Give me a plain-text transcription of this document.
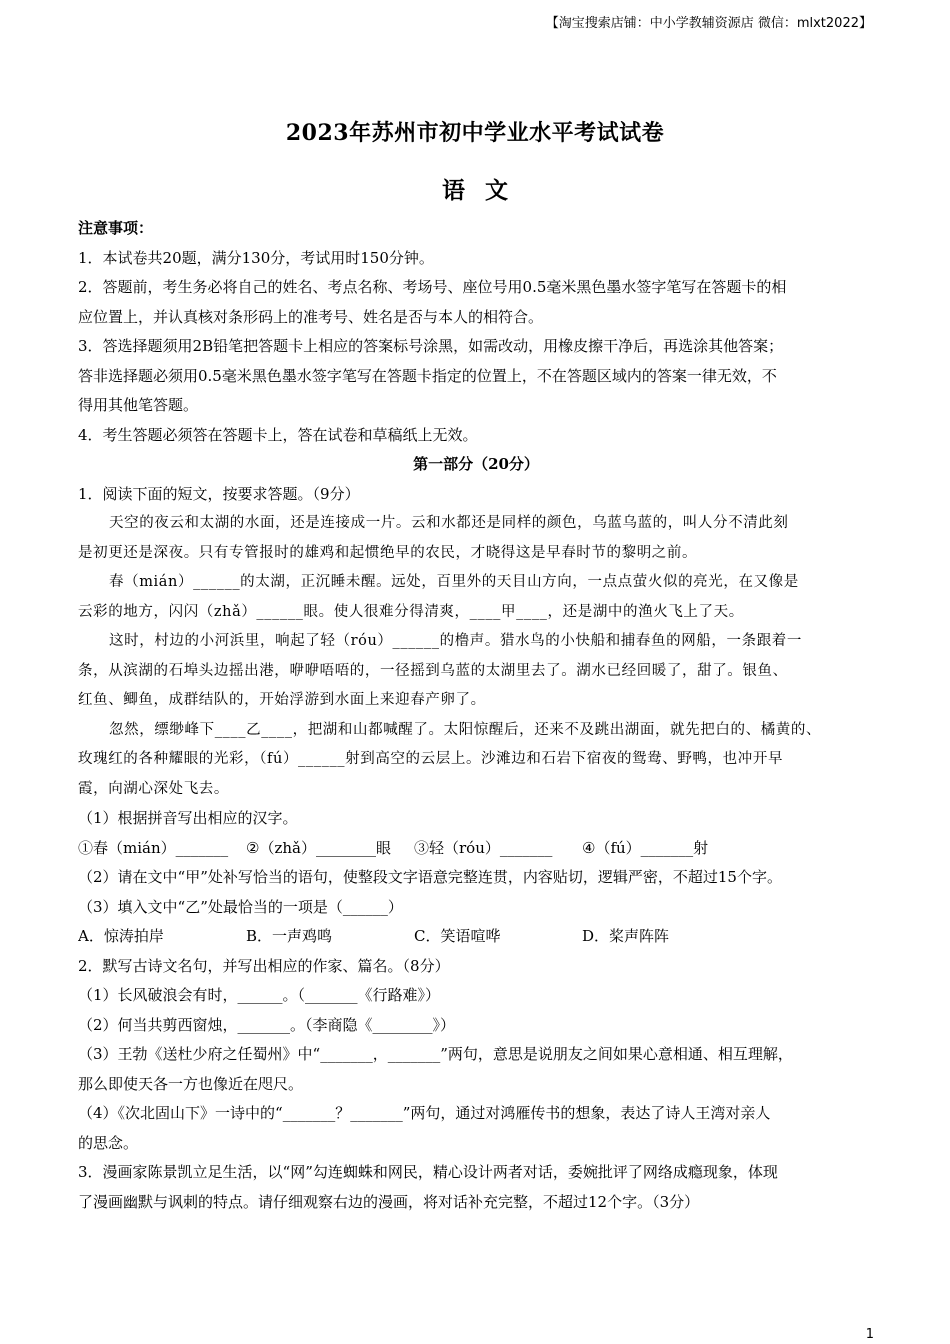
【淘宝搜索店铺：中小学教辅资源店 微信：mlxt2022】
2023年苏州市初中学业水平考试试卷
语文
注意事项：
1．本试卷共20题，满分130分，考试用时150分钟。
2．答题前，考生务必将自己的姓名、考点名称、考场号、座位号用0.5毫米黑色墨水签字笔写在答题卡的相
应位置上，并认真核对条形码上的准考号、姓名是否与本人的相符合。
3．答选择题须用2B铅笔把答题卡上相应的答案标号涂黑，如需改动，用橡皮擦干净后，再选涂其他答案；
答非选择题必须用0.5毫米黑色墨水签字笔写在答题卡指定的位置上，不在答题区域内的答案一律无效，不
得用其他笔答题。
4．考生答题必须答在答题卡上，答在试卷和草稿纸上无效。
第一部分（20分）
1．阅读下面的短文，按要求答题。（9分）
天空的夜云和太湖的水面，还是连接成一片。云和水都还是同样的颜色，乌蓝乌蓝的，叫人分不清此刻
是初更还是深夜。只有专管报时的雄鸡和起惯绝早的农民，才晓得这是早春时节的黎明之前。
春（mián）______的太湖，正沉睡未醒。远处，百里外的天目山方向，一点点萤火似的亮光，在又像是
云彩的地方，闪闪（zhǎ）______眼。使人很难分得清爽，____甲____，还是湖中的渔火飞上了天。
这时，村边的小河浜里，响起了轻（róu）______的橹声。猎水鸟的小快船和捕春鱼的网船，一条跟着一
条，从滨湖的石埠头边摇出港，咿咿唔唔的，一径摇到乌蓝的太湖里去了。湖水已经回暖了，甜了。银鱼、
红鱼、鲫鱼，成群结队的，开始浮游到水面上来迎春产卵了。
忽然，缥缈峰下____乙____，把湖和山都喊醒了。太阳惊醒后，还来不及跳出湖面，就先把白的、橘黄的、
玫瑰红的各种耀眼的光彩，（fú）______射到高空的云层上。沙滩边和石岩下宿夜的鸳鸯、野鸭，也冲开早
霞，向湖心深处飞去。
（1）根据拼音写出相应的汉字。
①春（mián）_______	②（zhǎ）________眼	③轻（róu）_______	④（fú）_______射
（2）请在文中“甲”处补写恰当的语句，使整段文字语意完整连贯，内容贴切，逻辑严密，不超过15个字。
（3）填入文中“乙”处最恰当的一项是（______）
A．惊涛拍岸	B．一声鸡鸣	C．笑语喧哗	D．桨声阵阵
2．默写古诗文名句，并写出相应的作家、篇名。（8分）
（1）长风破浪会有时，______。（_______《行路难》）
（2）何当共剪西窗烛，_______。（李商隐《________》）
（3）王勃《送杜少府之任蜀州》中“_______，_______”两句，意思是说朋友之间如果心意相通、相互理解，
那么即使天各一方也像近在咫尺。
（4）《次北固山下》一诗中的“_______？_______”两句，通过对鸿雁传书的想象，表达了诗人王湾对亲人
的思念。
3．漫画家陈景凯立足生活，以“网”勾连蜘蛛和网民，精心设计两者对话，委婉批评了网络成瘾现象，体现
了漫画幽默与讽刺的特点。请仔细观察右边的漫画，将对话补充完整，不超过12个字。（3分）
1
